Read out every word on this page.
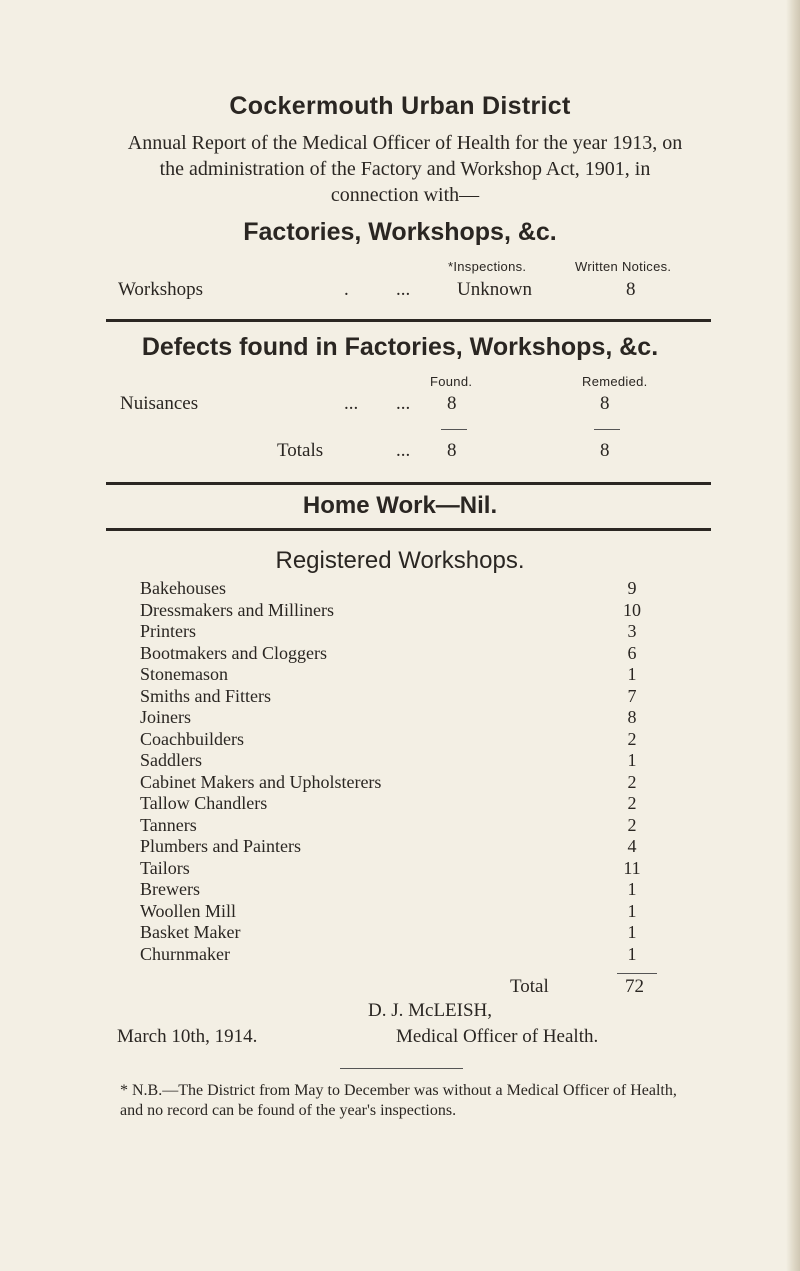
Cockermouth Urban District
Annual Report of the Medical Officer of Health for the year 1913, on the administration of the Factory and Workshop Act, 1901, in connection with—
Factories, Workshops, &c.
*Inspections.	Written Notices.
Workshops	. ... Unknown	8
Defects found in Factories, Workshops, &c.
Found.	Remedied.
Nuisances	... ... 8	8
Totals	... 8	8
Home Work—Nil.
Registered Workshops.
Bakehouses	9
Dressmakers and Milliners	10
Printers	3
Bootmakers and Cloggers	6
Stonemason	1
Smiths and Fitters	7
Joiners	8
Coachbuilders	2
Saddlers	1
Cabinet Makers and Upholsterers	2
Tallow Chandlers	2
Tanners	2
Plumbers and Painters	4
Tailors	11
Brewers	1
Woollen Mill	1
Basket Maker	1
Churnmaker	1
Total	72
D. J. McLEISH,
March 10th, 1914.	Medical Officer of Health.
* N.B.—The District from May to December was without a Medical Officer of Health, and no record can be found of the year's inspections.
